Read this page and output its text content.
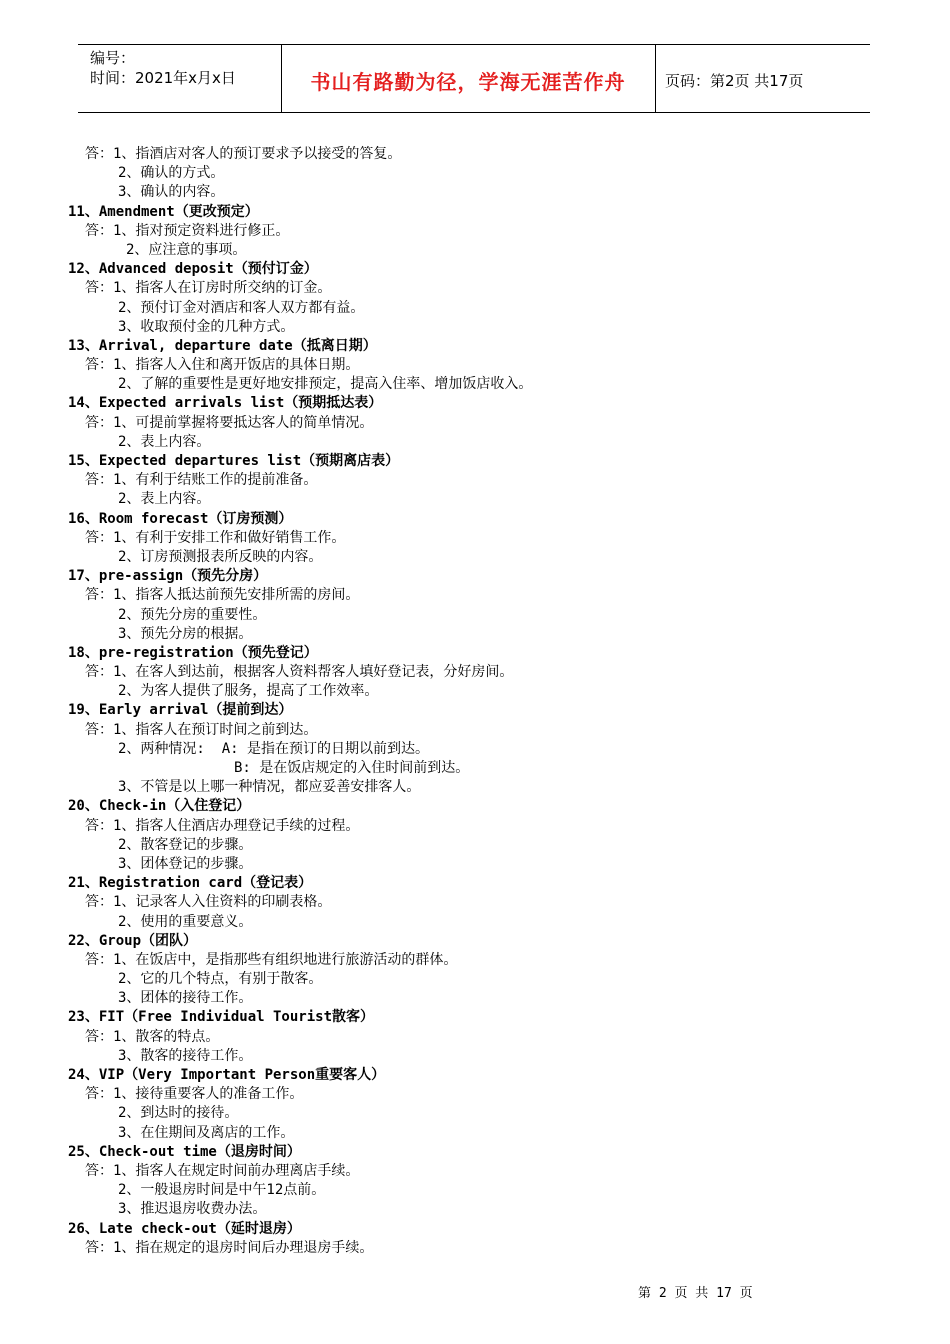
编号：
时间：2021年x月x日	书山有路勤为径，学海无涯苦作舟	页码：第2页 共17页
答：1、指酒店对客人的预订要求予以接受的答复。
2、确认的方式。
3、确认的内容。
11、Amendment（更改预定）
答：1、指对预定资料进行修正。
2、应注意的事项。
12、Advanced deposit（预付订金）
答：1、指客人在订房时所交纳的订金。
2、预付订金对酒店和客人双方都有益。
3、收取预付金的几种方式。
13、Arrival, departure date（抵离日期）
答：1、指客人入住和离开饭店的具体日期。
2、了解的重要性是更好地安排预定，提高入住率、增加饭店收入。
14、Expected arrivals list（预期抵达表）
答：1、可提前掌握将要抵达客人的简单情况。
2、表上内容。
15、Expected departures list（预期离店表）
答：1、有利于结账工作的提前准备。
2、表上内容。
16、Room forecast（订房预测）
答：1、有利于安排工作和做好销售工作。
2、订房预测报表所反映的内容。
17、pre-assign（预先分房）
答：1、指客人抵达前预先安排所需的房间。
2、预先分房的重要性。
3、预先分房的根据。
18、pre-registration（预先登记）
答：1、在客人到达前，根据客人资料帮客人填好登记表，分好房间。
2、为客人提供了服务，提高了工作效率。
19、Early arrival（提前到达）
答：1、指客人在预订时间之前到达。
2、两种情况:  A: 是指在预订的日期以前到达。
B: 是在饭店规定的入住时间前到达。
3、不管是以上哪一种情况，都应妥善安排客人。
20、Check-in（入住登记）
答：1、指客人住酒店办理登记手续的过程。
2、散客登记的步骤。
3、团体登记的步骤。
21、Registration card（登记表）
答：1、记录客人入住资料的印刷表格。
2、使用的重要意义。
22、Group（团队）
答：1、在饭店中，是指那些有组织地进行旅游活动的群体。
2、它的几个特点，有别于散客。
3、团体的接待工作。
23、FIT（Free Individual Tourist散客）
答：1、散客的特点。
3、散客的接待工作。
24、VIP（Very Important Person重要客人）
答：1、接待重要客人的准备工作。
2、到达时的接待。
3、在住期间及离店的工作。
25、Check-out time（退房时间）
答：1、指客人在规定时间前办理离店手续。
2、一般退房时间是中午12点前。
3、推迟退房收费办法。
26、Late check-out（延时退房）
答：1、指在规定的退房时间后办理退房手续。
第 2 页 共 17 页
